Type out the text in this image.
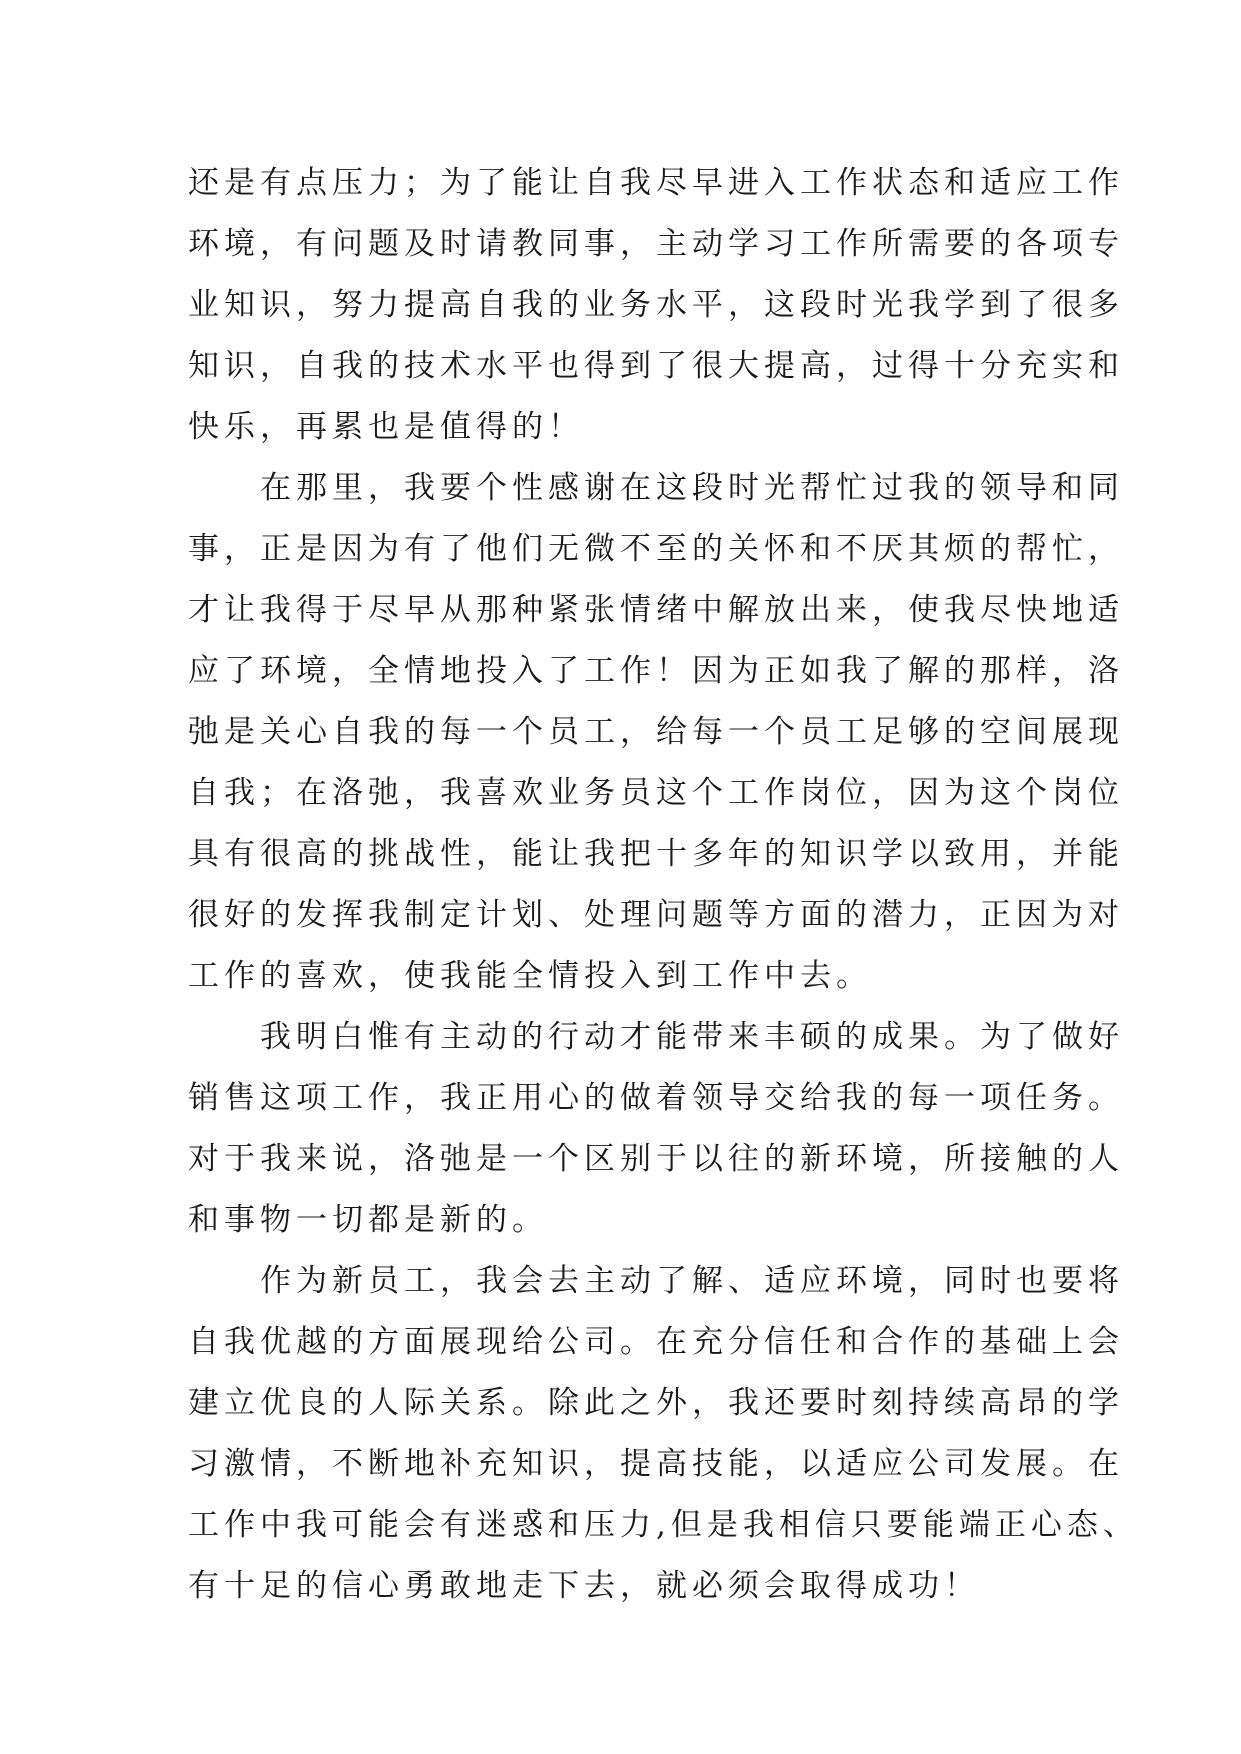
还是有点压力；为了能让自我尽早进入工作状态和适应工作
环境，有问题及时请教同事，主动学习工作所需要的各项专
业知识，努力提高自我的业务水平，这段时光我学到了很多
知识，自我的技术水平也得到了很大提高，过得十分充实和
快乐，再累也是值得的！
在那里，我要个性感谢在这段时光帮忙过我的领导和同
事，正是因为有了他们无微不至的关怀和不厌其烦的帮忙，
才让我得于尽早从那种紧张情绪中解放出来，使我尽快地适
应了环境，全情地投入了工作！因为正如我了解的那样，洛
弛是关心自我的每一个员工，给每一个员工足够的空间展现
自我；在洛弛，我喜欢业务员这个工作岗位，因为这个岗位
具有很高的挑战性，能让我把十多年的知识学以致用，并能
很好的发挥我制定计划、处理问题等方面的潜力，正因为对
工作的喜欢，使我能全情投入到工作中去。
我明白惟有主动的行动才能带来丰硕的成果。为了做好
销售这项工作，我正用心的做着领导交给我的每一项任务。
对于我来说，洛弛是一个区别于以往的新环境，所接触的人
和事物一切都是新的。
作为新员工，我会去主动了解、适应环境，同时也要将
自我优越的方面展现给公司。在充分信任和合作的基础上会
建立优良的人际关系。除此之外，我还要时刻持续高昂的学
习激情，不断地补充知识，提高技能，以适应公司发展。在
工作中我可能会有迷惑和压力,但是我相信只要能端正心态、
有十足的信心勇敢地走下去，就必须会取得成功！
